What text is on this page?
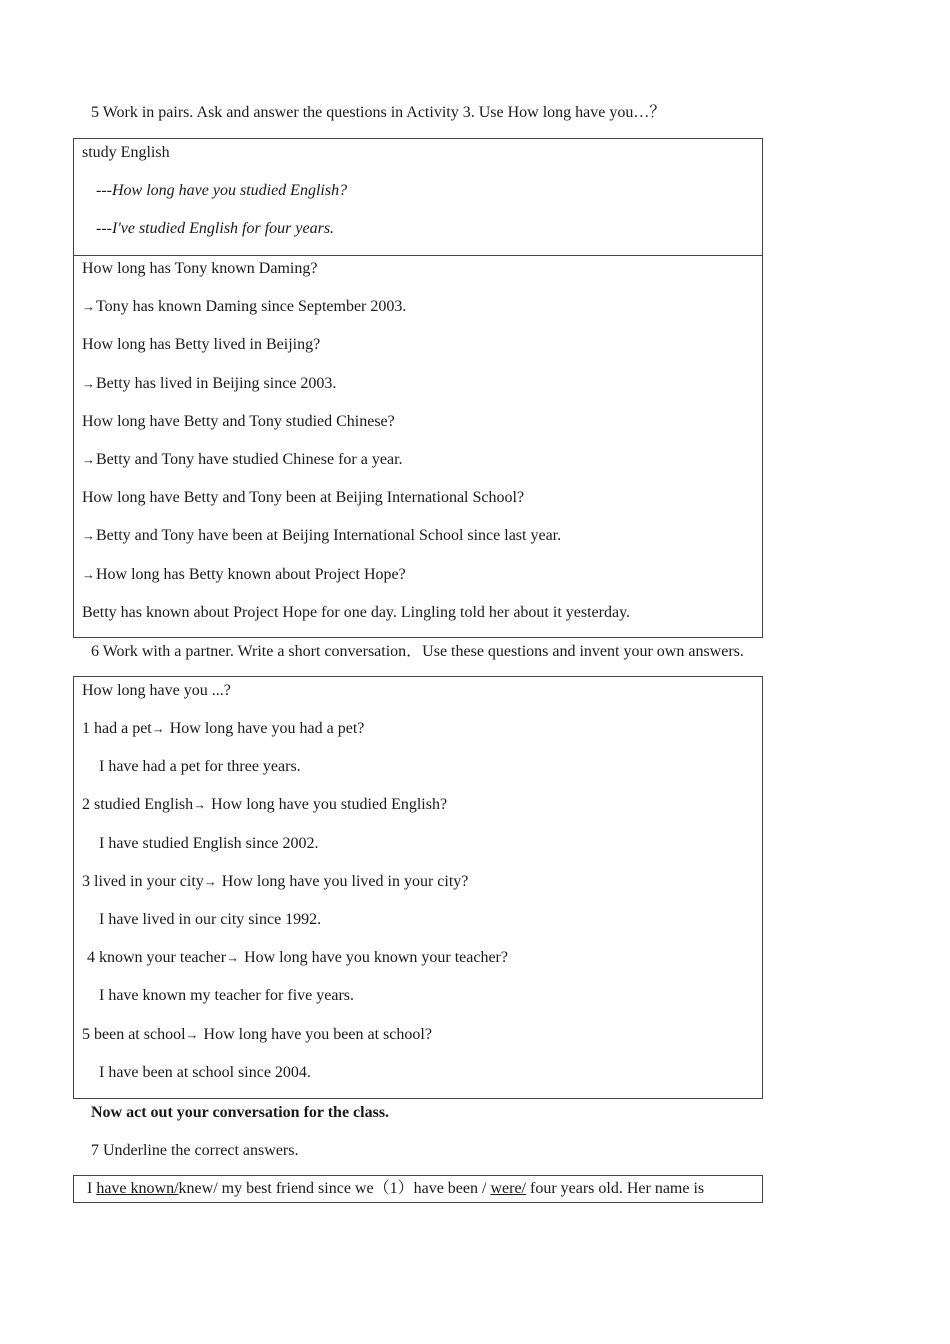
5 Work in pairs. Ask and answer the questions in Activity 3. Use How long have you…？
study English
---How long have you studied English?
---I've studied English for four years.
How long has Tony known Daming?
→Tony has known Daming since September 2003.
How long has Betty lived in Beijing?
→Betty has lived in Beijing since 2003.
How long have Betty and Tony studied Chinese?
→Betty and Tony have studied Chinese for a year.
How long have Betty and Tony been at Beijing International School?
→Betty and Tony have been at Beijing International School since last year.
→How long has Betty known about Project Hope?
Betty has known about Project Hope for one day. Lingling told her about it yesterday.
6 Work with a partner. Write a short conversation．Use these questions and invent your own answers.
How long have you ...?
1 had a pet→ How long have you had a pet?
I have had a pet for three years.
2 studied English→ How long have you studied English?
I have studied English since 2002.
3 lived in your city→ How long have you lived in your city?
I have lived in our city since 1992.
4 known your teacher→ How long have you known your teacher?
I have known my teacher for five years.
5 been at school→ How long have you been at school?
I have been at school since 2004.
Now act out your conversation for the class.
7 Underline the correct answers.
I have known/knew/ my best friend since we（1）have been / were/ four years old. Her name is
